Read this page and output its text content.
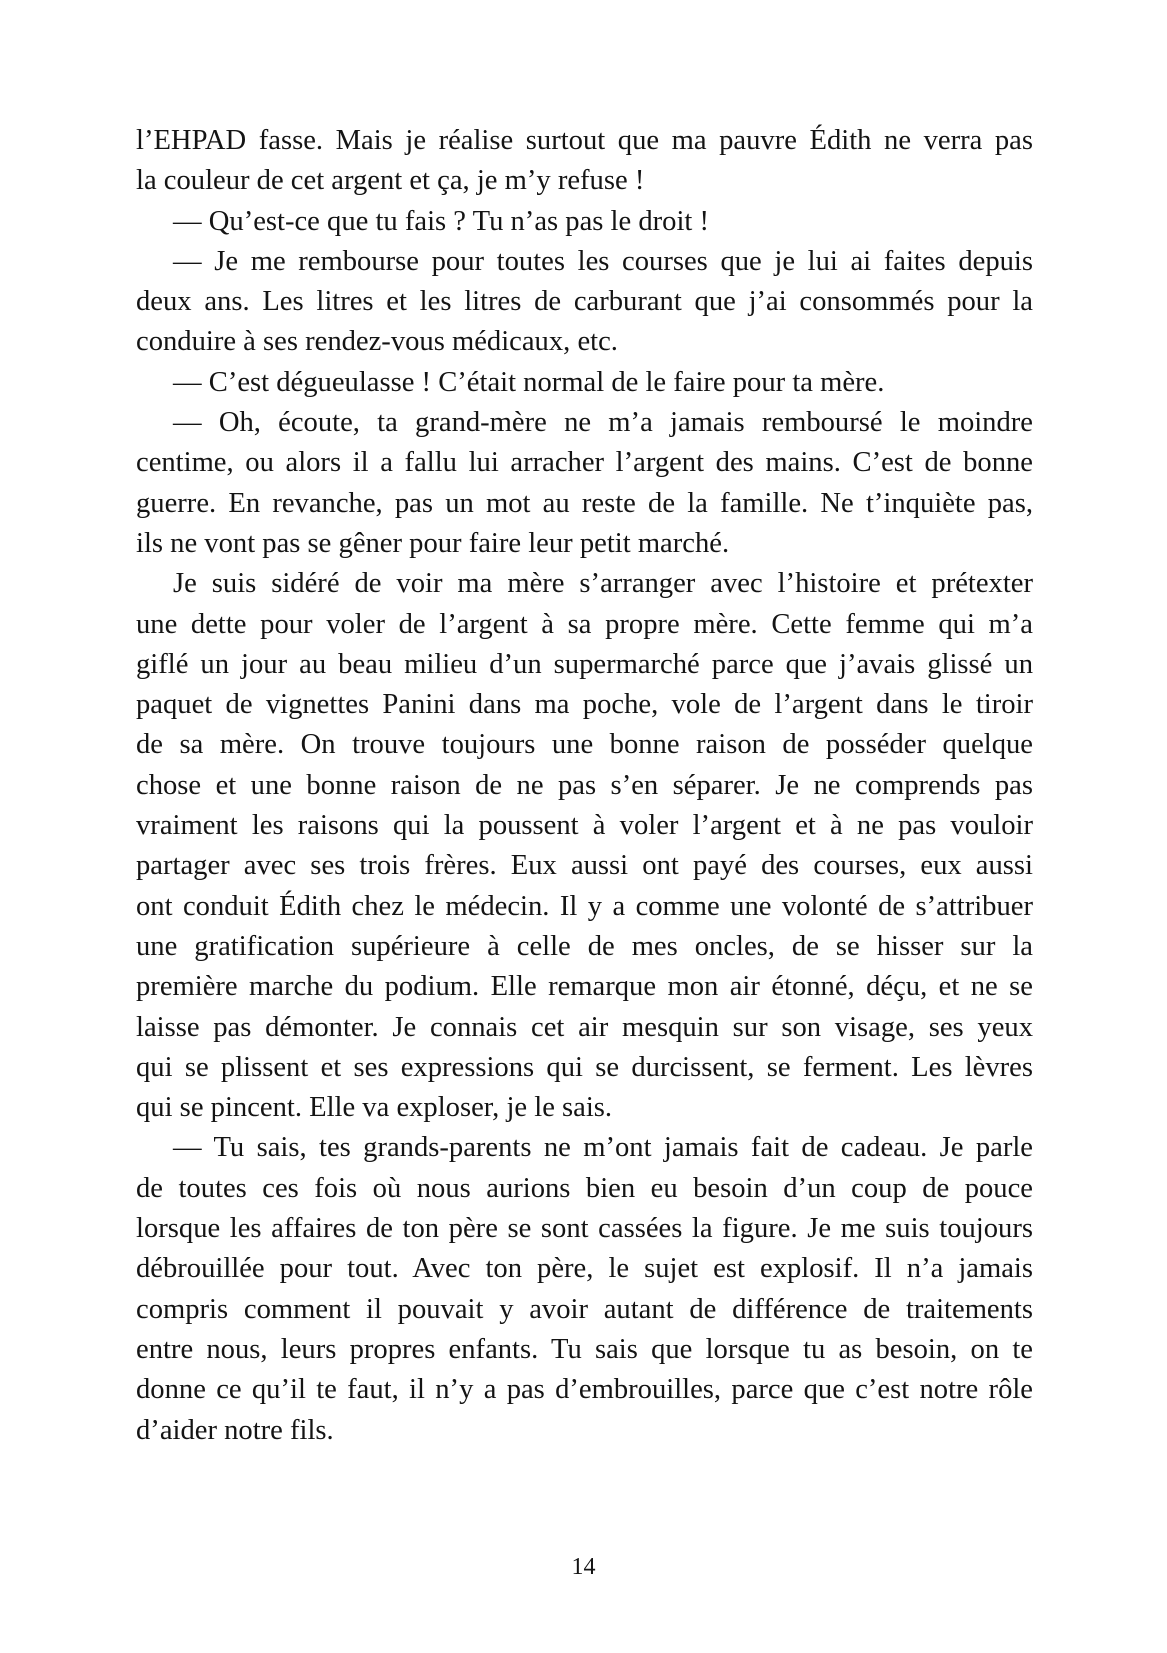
l’EHPAD fasse. Mais je réalise surtout que ma pauvre Édith ne verra pas
la couleur de cet argent et ça, je m’y refuse !
— Qu’est-ce que tu fais ? Tu n’as pas le droit !
— Je me rembourse pour toutes les courses que je lui ai faites depuis
deux ans. Les litres et les litres de carburant que j’ai consommés pour la
conduire à ses rendez-vous médicaux, etc.
— C’est dégueulasse ! C’était normal de le faire pour ta mère.
— Oh, écoute, ta grand-mère ne m’a jamais remboursé le moindre
centime, ou alors il a fallu lui arracher l’argent des mains. C’est de bonne
guerre. En revanche, pas un mot au reste de la famille. Ne t’inquiète pas,
ils ne vont pas se gêner pour faire leur petit marché.
Je suis sidéré de voir ma mère s’arranger avec l’histoire et prétexter
une dette pour voler de l’argent à sa propre mère. Cette femme qui m’a
giflé un jour au beau milieu d’un supermarché parce que j’avais glissé un
paquet de vignettes Panini dans ma poche, vole de l’argent dans le tiroir
de sa mère. On trouve toujours une bonne raison de posséder quelque
chose et une bonne raison de ne pas s’en séparer. Je ne comprends pas
vraiment les raisons qui la poussent à voler l’argent et à ne pas vouloir
partager avec ses trois frères. Eux aussi ont payé des courses, eux aussi
ont conduit Édith chez le médecin. Il y a comme une volonté de s’attribuer
une gratification supérieure à celle de mes oncles, de se hisser sur la
première marche du podium. Elle remarque mon air étonné, déçu, et ne se
laisse pas démonter. Je connais cet air mesquin sur son visage, ses yeux
qui se plissent et ses expressions qui se durcissent, se ferment. Les lèvres
qui se pincent. Elle va exploser, je le sais.
— Tu sais, tes grands-parents ne m’ont jamais fait de cadeau. Je parle
de toutes ces fois où nous aurions bien eu besoin d’un coup de pouce
lorsque les affaires de ton père se sont cassées la figure. Je me suis toujours
débrouillée pour tout. Avec ton père, le sujet est explosif. Il n’a jamais
compris comment il pouvait y avoir autant de différence de traitements
entre nous, leurs propres enfants. Tu sais que lorsque tu as besoin, on te
donne ce qu’il te faut, il n’y a pas d’embrouilles, parce que c’est notre rôle
d’aider notre fils.
14
